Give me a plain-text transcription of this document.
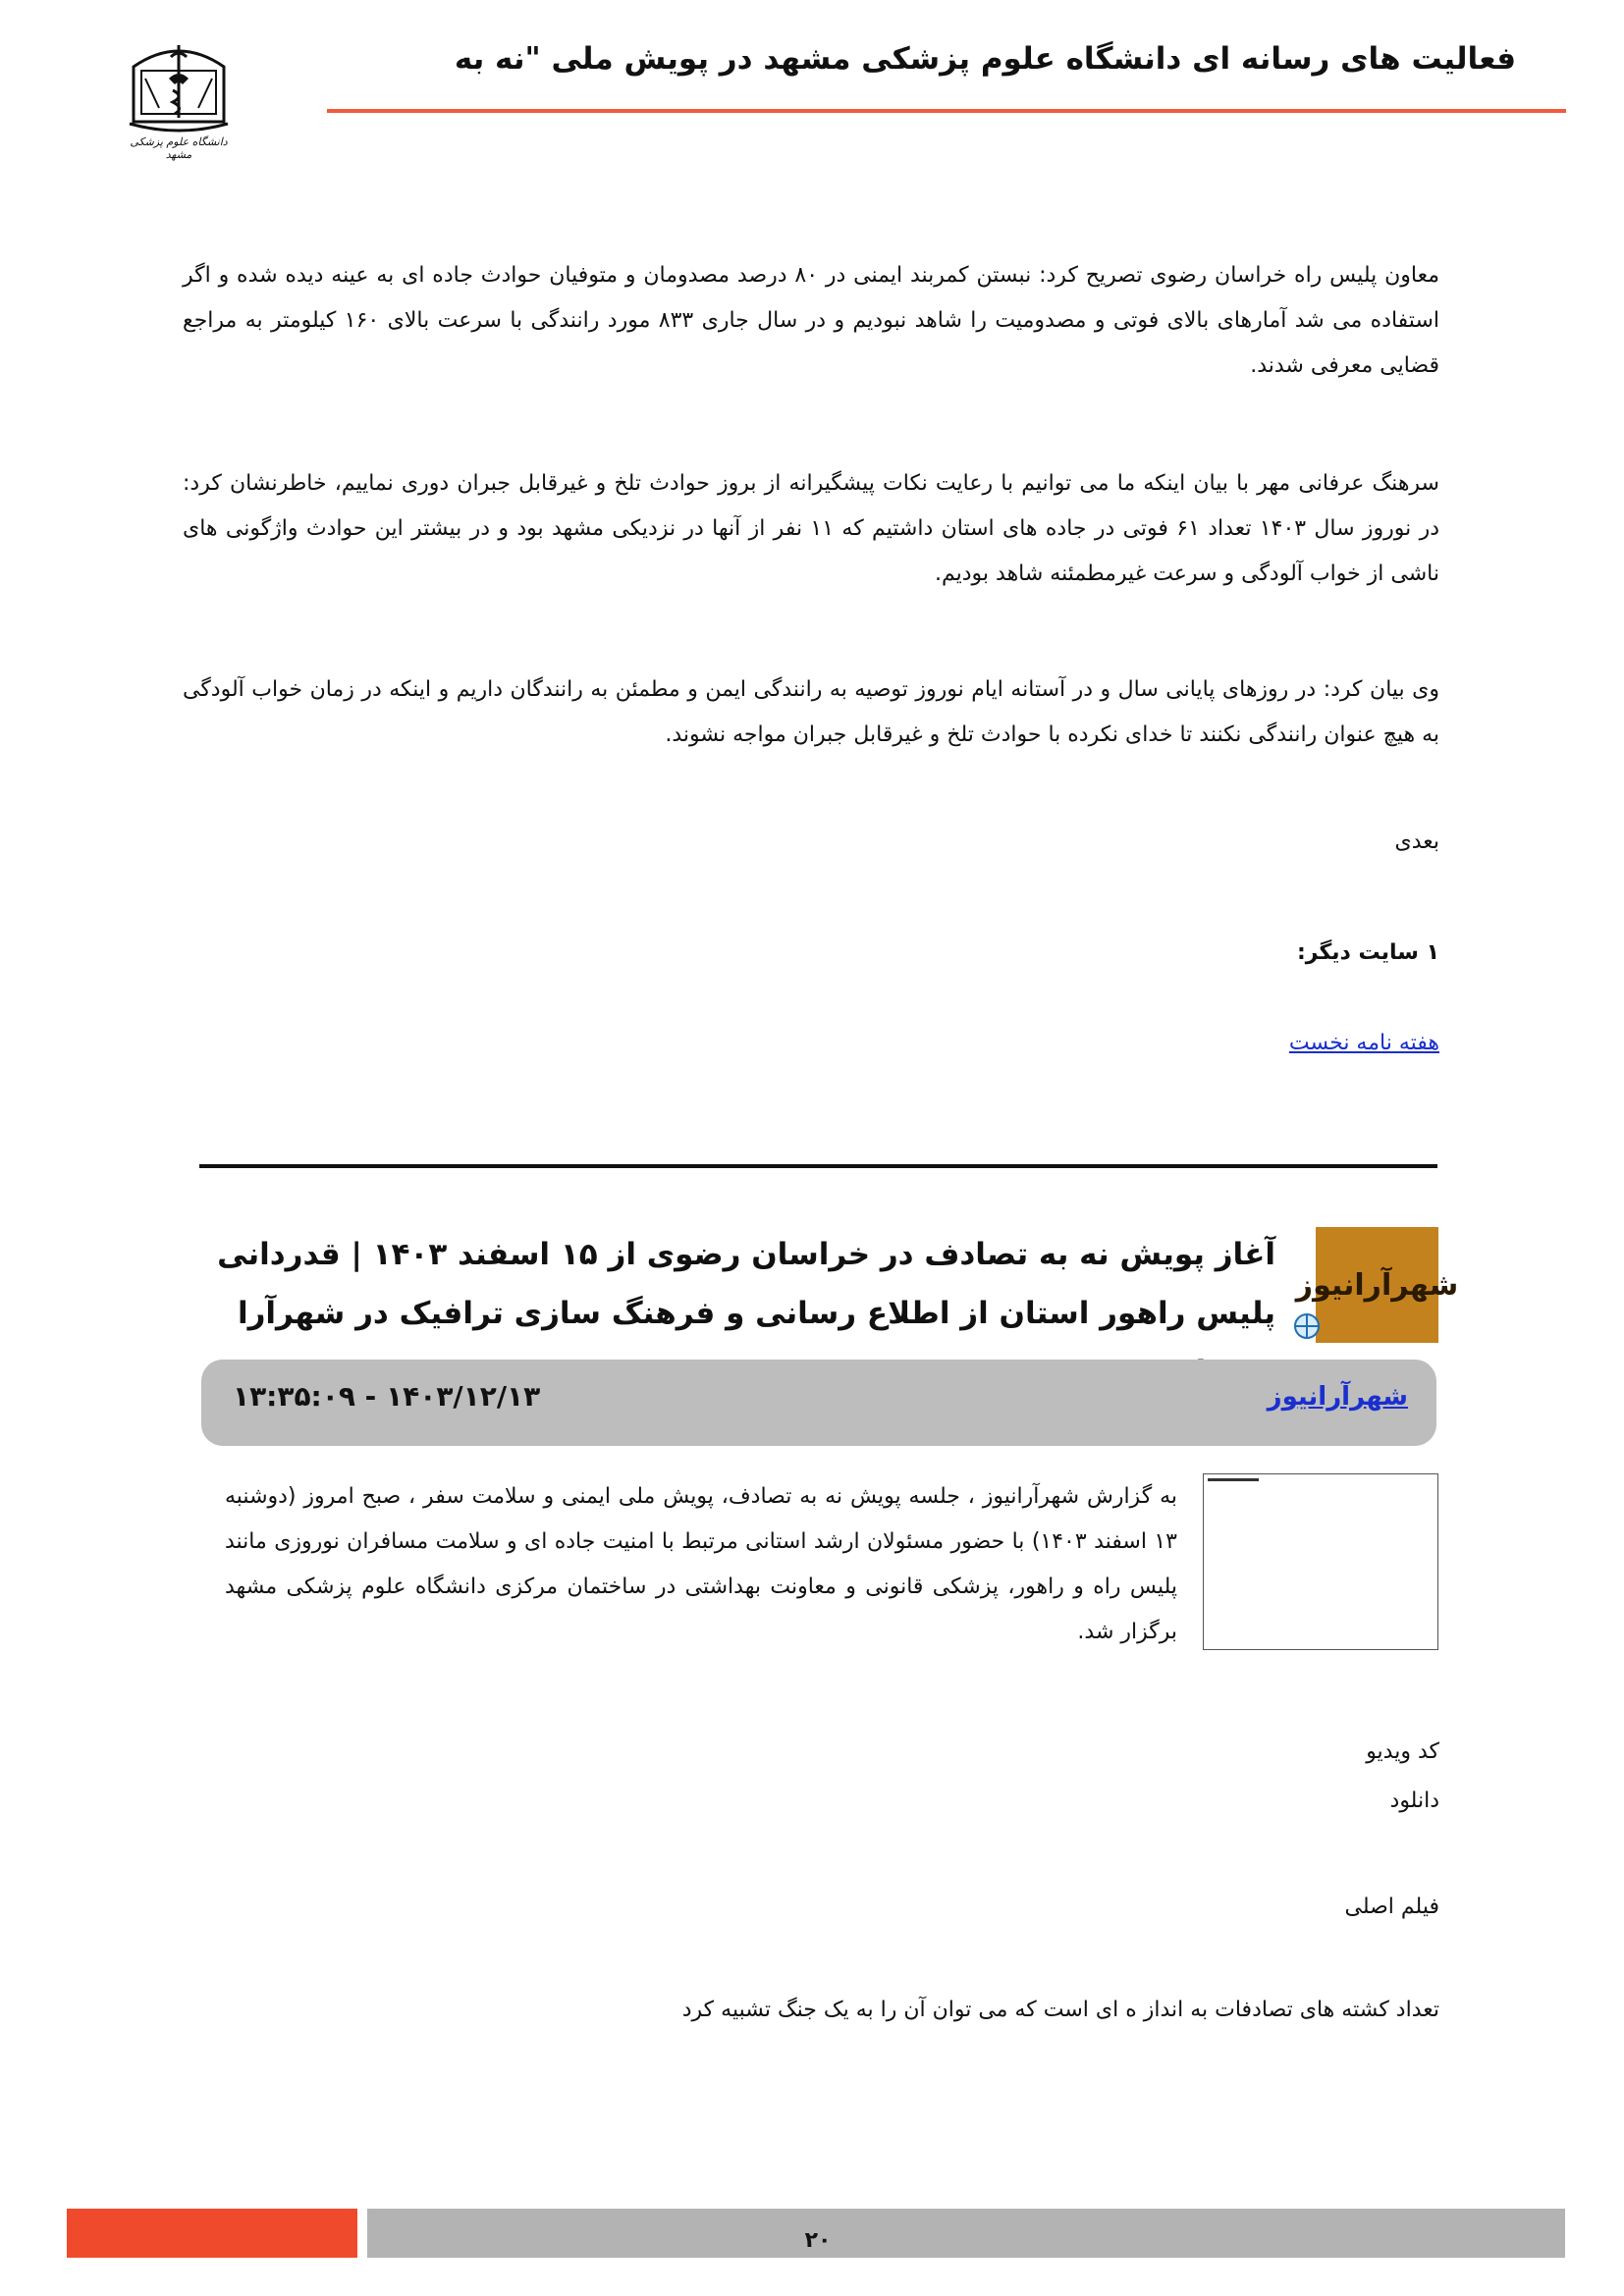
دانشگاه علوم پزشکی مشهد
فعالیت های رسانه ای دانشگاه علوم پزشکی مشهد در پویش ملی "نه به
معاون پلیس راه خراسان رضوی تصریح کرد: نبستن کمربند ایمنی در ۸۰ درصد مصدومان و متوفیان حوادث جاده ای به عینه دیده شده و اگر استفاده می شد آمارهای بالای فوتی و مصدومیت را شاهد نبودیم و در سال جاری ۸۳۳ مورد رانندگی با سرعت بالای ۱۶۰ کیلومتر به مراجع قضایی معرفی شدند.
سرهنگ عرفانی مهر با بیان اینکه ما می توانیم با رعایت نکات پیشگیرانه از بروز حوادث تلخ و غیرقابل جبران دوری نماییم، خاطرنشان کرد: در نوروز سال ۱۴۰۳ تعداد ۶۱ فوتی در جاده های استان داشتیم که ۱۱ نفر از آنها در نزدیکی مشهد بود و در بیشتر این حوادث واژگونی های ناشی از خواب آلودگی و سرعت غیرمطمئنه شاهد بودیم.
وی بیان کرد: در روزهای پایانی سال و در آستانه ایام نوروز توصیه به رانندگی ایمن و مطمئن به رانندگان داریم و اینکه در زمان خواب آلودگی به هیچ عنوان رانندگی نکنند تا خدای نکرده با حوادث تلخ و غیرقابل جبران مواجه نشوند.
بعدی
۱ سایت دیگر:
هفته نامه نخست
شهرآرانیوز
آغاز پویش نه به تصادف در خراسان رضوی از ۱۵ اسفند ۱۴۰۳ | قدردانی پلیس راهور استان از اطلاع رسانی و فرهنگ سازی ترافیک در شهرآرا
شهرآرانیوز
۱۴۰۳/۱۲/۱۳ - ۱۳:۳۵:۰۹
به گزارش شهرآرانیوز ، جلسه پویش نه به تصادف، پویش ملی ایمنی و سلامت سفر ، صبح امروز (دوشنبه ۱۳ اسفند ۱۴۰۳) با حضور مسئولان ارشد استانی مرتبط با امنیت جاده ای و سلامت مسافران نوروزی مانند پلیس راه و راهور، پزشکی قانونی و معاونت بهداشتی در ساختمان مرکزی دانشگاه علوم پزشکی مشهد برگزار شد.
کد ویدیو
دانلود
فیلم اصلی
تعداد کشته های تصادفات به انداز ه ای است که می توان آن را به یک جنگ تشبیه کرد
۲۰
